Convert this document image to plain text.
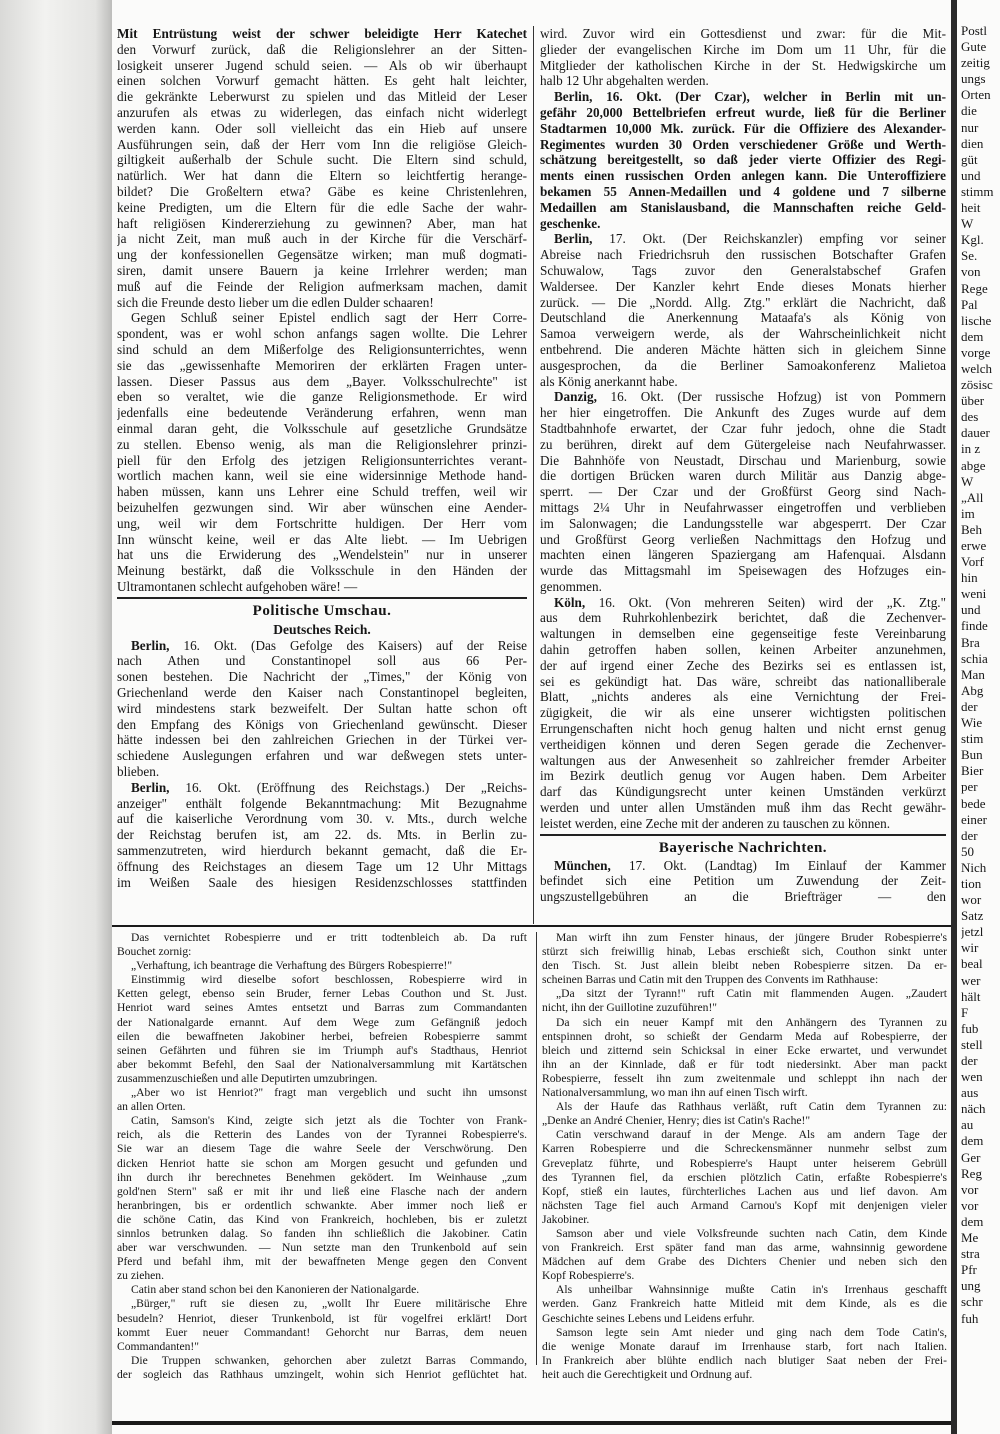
Mit Entrüstung weist der schwer beleidigte Herr Katechet
den Vorwurf zurück, daß die Religionslehrer an der Sitten-
losigkeit unserer Jugend schuld seien. — Als ob wir überhaupt
einen solchen Vorwurf gemacht hätten. Es geht halt leichter,
die gekränkte Leberwurst zu spielen und das Mitleid der Leser
anzurufen als etwas zu widerlegen, das einfach nicht widerlegt
werden kann. Oder soll vielleicht das ein Hieb auf unsere
Ausführungen sein, daß der Herr vom Inn die religiöse Gleich-
giltigkeit außerhalb der Schule sucht. Die Eltern sind schuld,
natürlich. Wer hat dann die Eltern so leichtfertig herange-
bildet? Die Großeltern etwa? Gäbe es keine Christenlehren,
keine Predigten, um die Eltern für die edle Sache der wahr-
haft religiösen Kindererziehung zu gewinnen? Aber, man hat
ja nicht Zeit, man muß auch in der Kirche für die Verschärf-
ung der konfessionellen Gegensätze wirken; man muß dogmati-
siren, damit unsere Bauern ja keine Irrlehrer werden; man
muß auf die Feinde der Religion aufmerksam machen, damit
sich die Freunde desto lieber um die edlen Dulder schaaren!
Gegen Schluß seiner Epistel endlich sagt der Herr Corre-
spondent, was er wohl schon anfangs sagen wollte. Die Lehrer
sind schuld an dem Mißerfolge des Religionsunterrichtes, wenn
sie das „gewissenhafte Memoriren der erklärten Fragen unter-
lassen. Dieser Passus aus dem „Bayer. Volksschulrechte" ist
eben so veraltet, wie die ganze Religionsmethode. Er wird
jedenfalls eine bedeutende Veränderung erfahren, wenn man
einmal daran geht, die Volksschule auf gesetzliche Grundsätze
zu stellen. Ebenso wenig, als man die Religionslehrer prinzi-
piell für den Erfolg des jetzigen Religionsunterrichtes verant-
wortlich machen kann, weil sie eine widersinnige Methode hand-
haben müssen, kann uns Lehrer eine Schuld treffen, weil wir
beizuhelfen gezwungen sind. Wir aber wünschen eine Aender-
ung, weil wir dem Fortschritte huldigen. Der Herr vom
Inn wünscht keine, weil er das Alte liebt. — Im Uebrigen
hat uns die Erwiderung des „Wendelstein" nur in unserer
Meinung bestärkt, daß die Volksschule in den Händen der
Ultramontanen schlecht aufgehoben wäre! —
Politische Umschau.
Deutsches Reich.
Berlin, 16. Okt. (Das Gefolge des Kaisers) auf der Reise
nach Athen und Constantinopel soll aus 66 Per-
sonen bestehen. Die Nachricht der „Times," der König von
Griechenland werde den Kaiser nach Constantinopel begleiten,
wird mindestens stark bezweifelt. Der Sultan hatte schon oft
den Empfang des Königs von Griechenland gewünscht. Dieser
hätte indessen bei den zahlreichen Griechen in der Türkei ver-
schiedene Auslegungen erfahren und war deßwegen stets unter-
blieben.
Berlin, 16. Okt. (Eröffnung des Reichstags.) Der „Reichs-
anzeiger" enthält folgende Bekanntmachung: Mit Bezugnahme
auf die kaiserliche Verordnung vom 30. v. Mts., durch welche
der Reichstag berufen ist, am 22. ds. Mts. in Berlin zu-
sammenzutreten, wird hierdurch bekannt gemacht, daß die Er-
öffnung des Reichstages an diesem Tage um 12 Uhr Mittags
im Weißen Saale des hiesigen Residenzschlosses stattfinden
wird. Zuvor wird ein Gottesdienst und zwar: für die Mit-
glieder der evangelischen Kirche im Dom um 11 Uhr, für die
Mitglieder der katholischen Kirche in der St. Hedwigskirche um
halb 12 Uhr abgehalten werden.
Berlin, 16. Okt. (Der Czar), welcher in Berlin mit un-
gefähr 20,000 Bettelbriefen erfreut wurde, ließ für die Berliner
Stadtarmen 10,000 Mk. zurück. Für die Offiziere des Alexander-
Regimentes wurden 30 Orden verschiedener Größe und Werth-
schätzung bereitgestellt, so daß jeder vierte Offizier des Regi-
ments einen russischen Orden anlegen kann. Die Unteroffiziere
bekamen 55 Annen-Medaillen und 4 goldene und 7 silberne
Medaillen am Stanislausband, die Mannschaften reiche Geld-
geschenke.
Berlin, 17. Okt. (Der Reichskanzler) empfing vor seiner
Abreise nach Friedrichsruh den russischen Botschafter Grafen
Schuwalow, Tags zuvor den Generalstabschef Grafen
Waldersee. Der Kanzler kehrt Ende dieses Monats hierher
zurück. — Die „Nordd. Allg. Ztg." erklärt die Nachricht, daß
Deutschland die Anerkennung Mataafa's als König von
Samoa verweigern werde, als der Wahrscheinlichkeit nicht
entbehrend. Die anderen Mächte hätten sich in gleichem Sinne
ausgesprochen, da die Berliner Samoakonferenz Malietoa
als König anerkannt habe.
Danzig, 16. Okt. (Der russische Hofzug) ist von Pommern
her hier eingetroffen. Die Ankunft des Zuges wurde auf dem
Stadtbahnhofe erwartet, der Czar fuhr jedoch, ohne die Stadt
zu berühren, direkt auf dem Gütergeleise nach Neufahrwasser.
Die Bahnhöfe von Neustadt, Dirschau und Marienburg, sowie
die dortigen Brücken waren durch Militär aus Danzig abge-
sperrt. — Der Czar und der Großfürst Georg sind Nach-
mittags 2¼ Uhr in Neufahrwasser eingetroffen und verblieben
im Salonwagen; die Landungsstelle war abgesperrt. Der Czar
und Großfürst Georg verließen Nachmittags den Hofzug und
machten einen längeren Spaziergang am Hafenquai. Alsdann
wurde das Mittagsmahl im Speisewagen des Hofzuges ein-
genommen.
Köln, 16. Okt. (Von mehreren Seiten) wird der „K. Ztg."
aus dem Ruhrkohlenbezirk berichtet, daß die Zechenver-
waltungen in demselben eine gegenseitige feste Vereinbarung
dahin getroffen haben sollen, keinen Arbeiter anzunehmen,
der auf irgend einer Zeche des Bezirks sei es entlassen ist,
sei es gekündigt hat. Das wäre, schreibt das nationalliberale
Blatt, „nichts anderes als eine Vernichtung der Frei-
zügigkeit, die wir als eine unserer wichtigsten politischen
Errungenschaften nicht hoch genug halten und nicht ernst genug
vertheidigen können und deren Segen gerade die Zechenver-
waltungen aus der Anwesenheit so zahlreicher fremder Arbeiter
im Bezirk deutlich genug vor Augen haben. Dem Arbeiter
darf das Kündigungsrecht unter keinen Umständen verkürzt
werden und unter allen Umständen muß ihm das Recht gewähr-
leistet werden, eine Zeche mit der anderen zu tauschen zu können.
Bayerische Nachrichten.
München, 17. Okt. (Landtag) Im Einlauf der Kammer
befindet sich eine Petition um Zuwendung der Zeit-
ungszustellgebühren an die Briefträger — den
Das vernichtet Robespierre und er tritt todtenbleich ab. Da ruft
Bouchet zornig:
„Verhaftung, ich beantrage die Verhaftung des Bürgers Robespierre!"
Einstimmig wird dieselbe sofort beschlossen, Robespierre wird in
Ketten gelegt, ebenso sein Bruder, ferner Lebas Couthon und St. Just.
Henriot ward seines Amtes entsetzt und Barras zum Commandanten
der Nationalgarde ernannt. Auf dem Wege zum Gefängniß jedoch
eilen die bewaffneten Jakobiner herbei, befreien Robespierre sammt
seinen Gefährten und führen sie im Triumph auf's Stadthaus, Henriot
aber bekommt Befehl, den Saal der Nationalversammlung mit Kartätschen
zusammenzuschießen und alle Deputirten umzubringen.
„Aber wo ist Henriot?" fragt man vergeblich und sucht ihn umsonst
an allen Orten.
Catin, Samson's Kind, zeigte sich jetzt als die Tochter von Frank-
reich, als die Retterin des Landes von der Tyrannei Robespierre's.
Sie war an diesem Tage die wahre Seele der Verschwörung. Den
dicken Henriot hatte sie schon am Morgen gesucht und gefunden und
ihn durch ihr berechnetes Benehmen geködert. Im Weinhause „zum
gold'nen Stern" saß er mit ihr und ließ eine Flasche nach der andern
heranbringen, bis er ordentlich schwankte. Aber immer noch ließ er
die schöne Catin, das Kind von Frankreich, hochleben, bis er zuletzt
sinnlos betrunken dalag. So fanden ihn schließlich die Jakobiner. Catin
aber war verschwunden. — Nun setzte man den Trunkenbold auf sein
Pferd und befahl ihm, mit der bewaffneten Menge gegen den Convent
zu ziehen.
Catin aber stand schon bei den Kanonieren der Nationalgarde.
„Bürger," ruft sie diesen zu, „wollt Ihr Euere militärische Ehre
besudeln? Henriot, dieser Trunkenbold, ist für vogelfrei erklärt! Dort
kommt Euer neuer Commandant! Gehorcht nur Barras, dem neuen
Commandanten!"
Die Truppen schwanken, gehorchen aber zuletzt Barras Commando,
der sogleich das Rathhaus umzingelt, wohin sich Henriot geflüchtet hat.
Man wirft ihn zum Fenster hinaus, der jüngere Bruder Robespierre's
stürzt sich freiwillig hinab, Lebas erschießt sich, Couthon sinkt unter
den Tisch. St. Just allein bleibt neben Robespierre sitzen. Da er-
scheinen Barras und Catin mit den Truppen des Convents im Rathhause:
„Da sitzt der Tyrann!" ruft Catin mit flammenden Augen. „Zaudert
nicht, ihn der Guillotine zuzuführen!"
Da sich ein neuer Kampf mit den Anhängern des Tyrannen zu
entspinnen droht, so schießt der Gendarm Meda auf Robespierre, der
bleich und zitternd sein Schicksal in einer Ecke erwartet, und verwundet
ihn an der Kinnlade, daß er für todt niedersinkt. Aber man packt
Robespierre, fesselt ihn zum zweitenmale und schleppt ihn nach der
Nationalversammlung, wo man ihn auf einen Tisch wirft.
Als der Haufe das Rathhaus verläßt, ruft Catin dem Tyrannen zu:
„Denke an André Chenier, Henry; dies ist Catin's Rache!"
Catin verschwand darauf in der Menge. Als am andern Tage der
Karren Robespierre und die Schreckensmänner nunmehr selbst zum
Greveplatz führte, und Robespierre's Haupt unter heiserem Gebrüll
des Tyrannen fiel, da erschien plötzlich Catin, erfaßte Robespierre's
Kopf, stieß ein lautes, fürchterliches Lachen aus und lief davon. Am
nächsten Tage fiel auch Armand Carnou's Kopf mit denjenigen vieler
Jakobiner.
Samson aber und viele Volksfreunde suchten nach Catin, dem Kinde
von Frankreich. Erst später fand man das arme, wahnsinnig gewordene
Mädchen auf dem Grabe des Dichters Chenier und neben sich den
Kopf Robespierre's.
Als unheilbar Wahnsinnige mußte Catin in's Irrenhaus geschafft
werden. Ganz Frankreich hatte Mitleid mit dem Kinde, als es die
Geschichte seines Lebens und Leidens erfuhr.
Samson legte sein Amt nieder und ging nach dem Tode Catin's,
die wenige Monate darauf im Irrenhause starb, fort nach Italien.
In Frankreich aber blühte endlich nach blutiger Saat neben der Frei-
heit auch die Gerechtigkeit und Ordnung auf.
Postl
Gute
zeitig
ungs
Orten
die
nur
dien
güt
und
stimm
heit
W
Kgl.
Se.
von
Rege
Pal
lische
dem
vorge
welch
zösisc
über
des
dauer
in z
abge
W
„All
im
Beh
erwe
Vorf
hin
weni
und
finde
Bra
schia
Man
Abg
der
Wie
stim
Bun
Bier
per
bede
einer
der
50
Nich
tion
wor
Satz
jetzl
wir
beal
wer
hält
F
fub
stell
der
wen
aus
näch
au
dem
Ger
Reg
vor
vor
dem
Me
stra
Pfr
ung
schr
fuh
